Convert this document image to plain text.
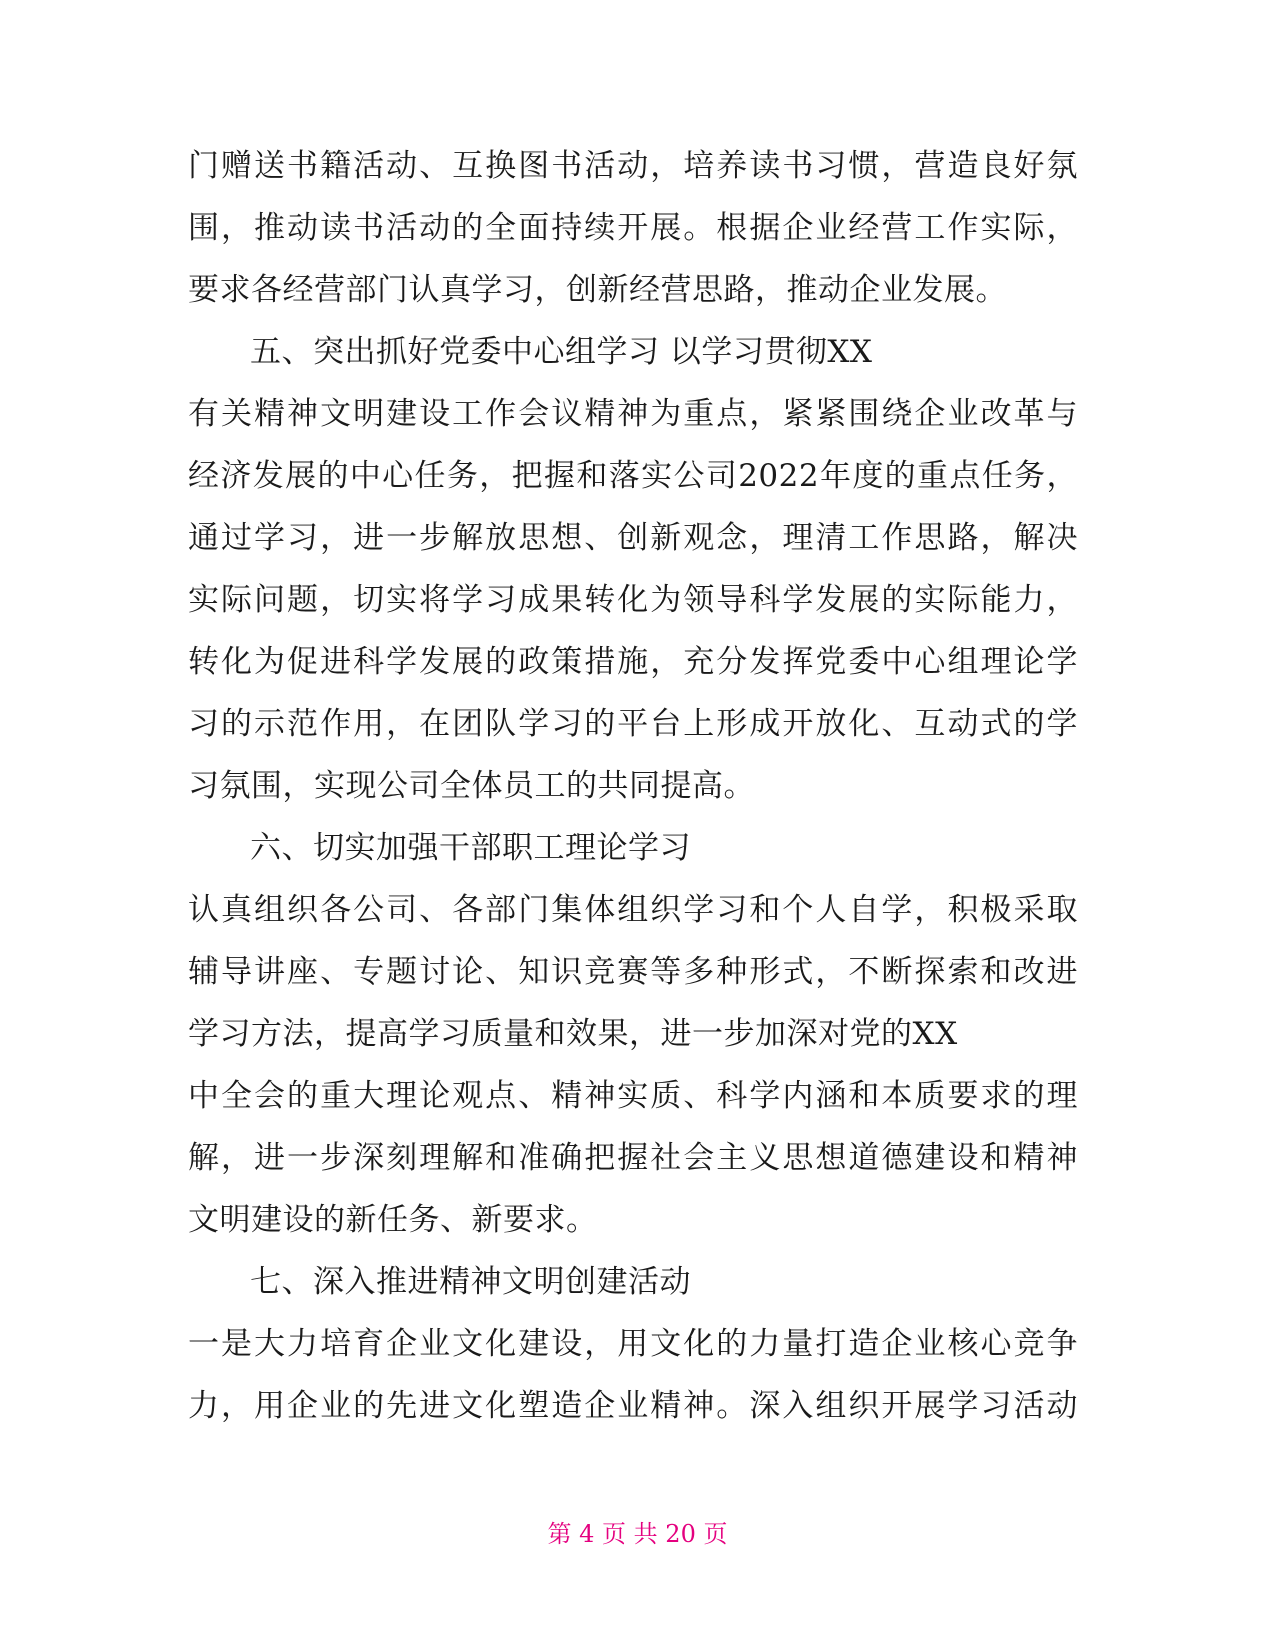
门赠送书籍活动、互换图书活动，培养读书习惯，营造良好氛
围，推动读书活动的全面持续开展。根据企业经营工作实际，
要求各经营部门认真学习，创新经营思路，推动企业发展。
五、突出抓好党委中心组学习 以学习贯彻XX
有关精神文明建设工作会议精神为重点，紧紧围绕企业改革与
经济发展的中心任务，把握和落实公司2022年度的重点任务，
通过学习，进一步解放思想、创新观念，理清工作思路，解决
实际问题，切实将学习成果转化为领导科学发展的实际能力，
转化为促进科学发展的政策措施，充分发挥党委中心组理论学
习的示范作用，在团队学习的平台上形成开放化、互动式的学
习氛围，实现公司全体员工的共同提高。
六、切实加强干部职工理论学习
认真组织各公司、各部门集体组织学习和个人自学，积极采取
辅导讲座、专题讨论、知识竞赛等多种形式，不断探索和改进
学习方法，提高学习质量和效果，进一步加深对党的XX
中全会的重大理论观点、精神实质、科学内涵和本质要求的理
解，进一步深刻理解和准确把握社会主义思想道德建设和精神
文明建设的新任务、新要求。
七、深入推进精神文明创建活动
一是大力培育企业文化建设，用文化的力量打造企业核心竞争
力，用企业的先进文化塑造企业精神。深入组织开展学习活动
第 4 页 共 20 页
